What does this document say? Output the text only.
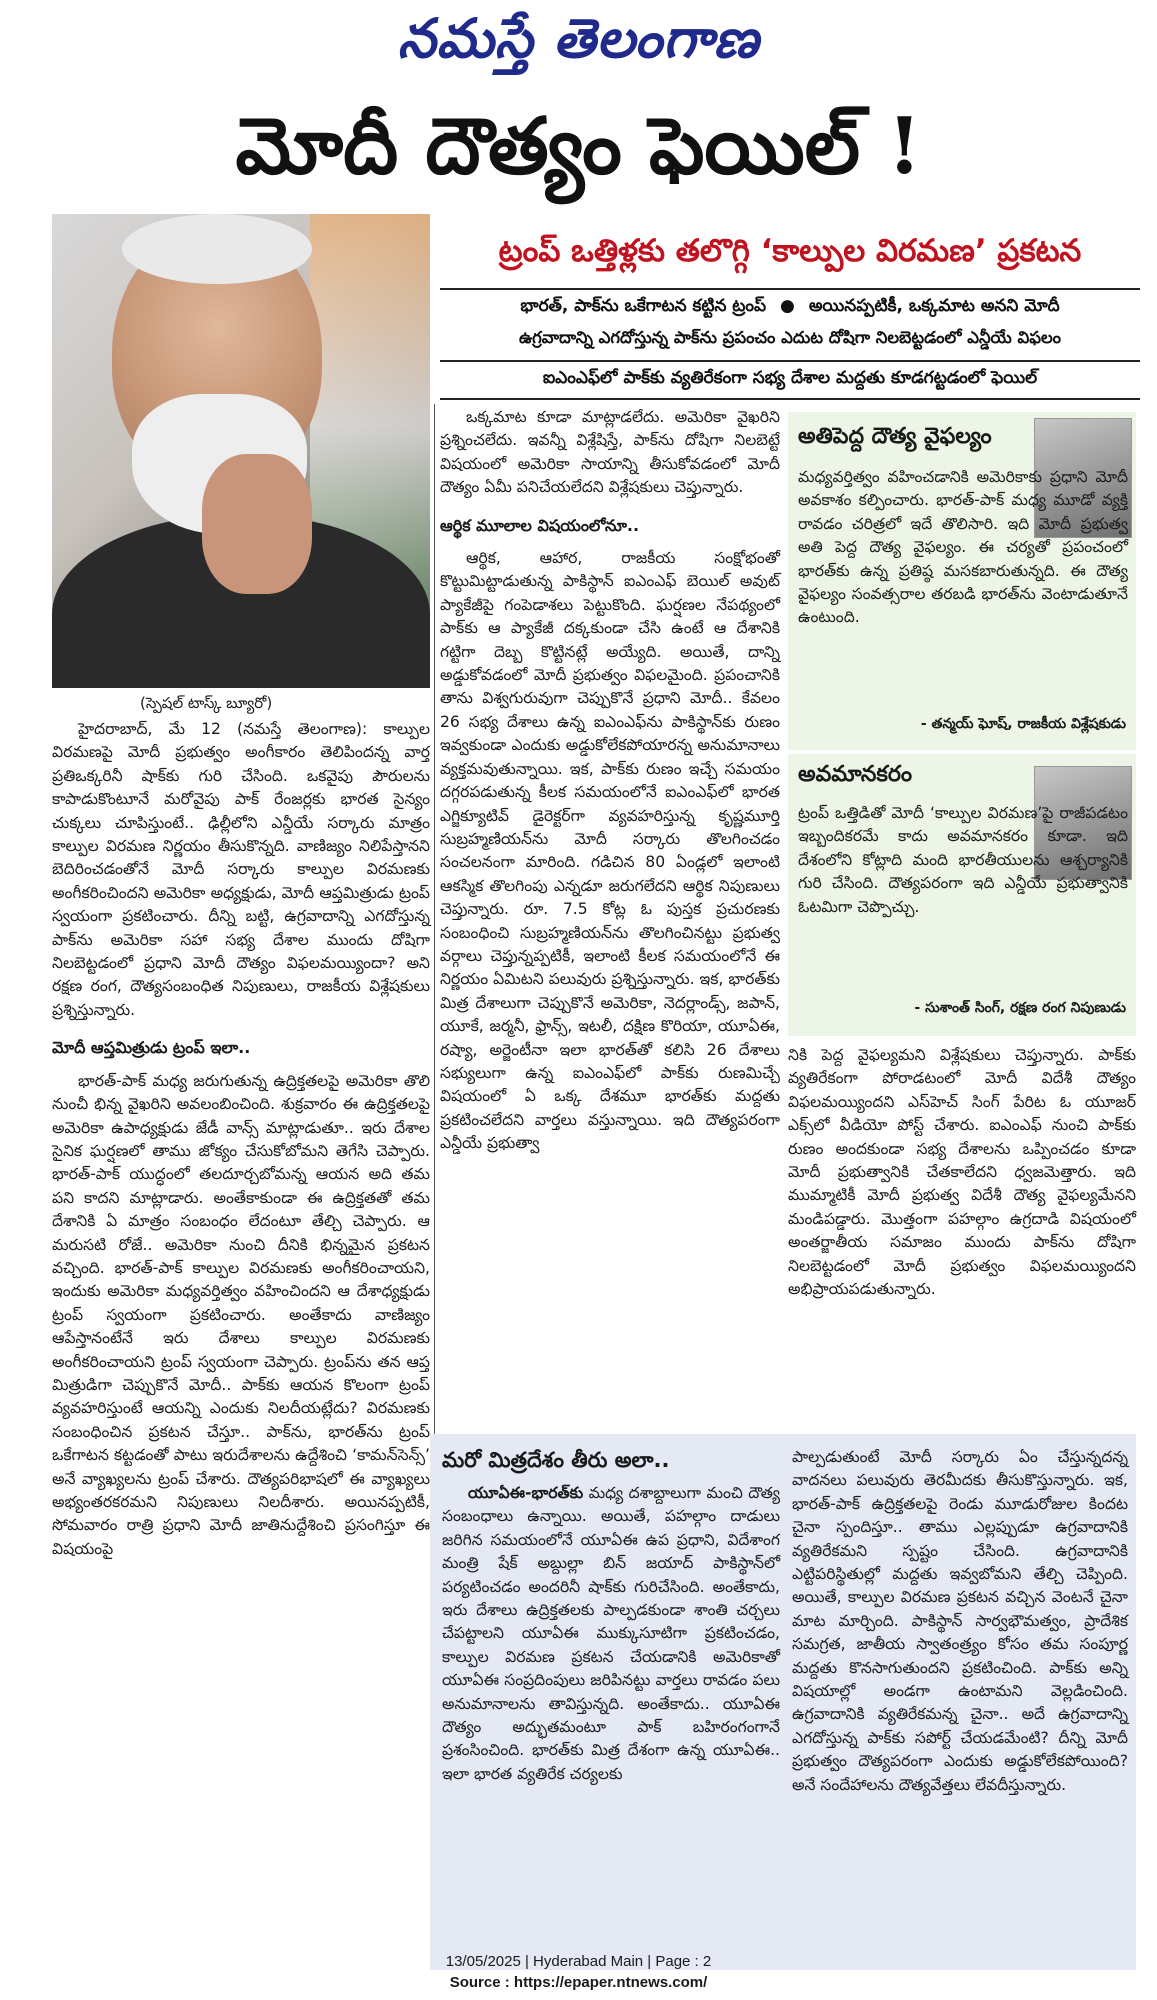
నమస్తే తెలంగాణ
మోదీ దౌత్యం ఫెయిల్ !
(స్పెషల్ టాస్క్ బ్యూరో)
ట్రంప్ ఒత్తిళ్లకు తలొగ్గి ‘కాల్పుల విరమణ’ ప్రకటన
భారత్, పాక్‌ను ఒకేగాటన కట్టిన ట్రంప్ ● అయినప్పటికీ, ఒక్కమాట అనని మోదీ
ఉగ్రవాదాన్ని ఎగదోస్తున్న పాక్‌ను ప్రపంచం ఎదుట దోషిగా నిలబెట్టడంలో ఎన్డీయే విఫలం
ఐఎంఎఫ్‌లో పాక్‌కు వ్యతిరేకంగా సభ్య దేశాల మద్దతు కూడగట్టడంలో ఫెయిల్

హైదరాబాద్, మే 12 (నమస్తే తెలంగాణ): కాల్పుల విరమణపై మోదీ ప్రభుత్వం అంగీకారం తెలిపిందన్న వార్త ప్రతిఒక్కరినీ షాక్‌కు గురి చేసింది. ఒకవైపు పౌరులను కాపాడుకొంటూనే మరోవైపు పాక్ రేంజర్లకు భారత సైన్యం చుక్కలు చూపిస్తుంటే.. ఢిల్లీలోని ఎన్డీయే సర్కారు మాత్రం కాల్పుల విరమణ నిర్ణయం తీసుకొన్నది. వాణిజ్యం నిలిపేస్తానని బెదిరించడంతోనే మోదీ సర్కారు కాల్పుల విరమణకు అంగీకరించిందని అమెరికా అధ్యక్షుడు, మోదీ ఆప్తమిత్రుడు ట్రంప్ స్వయంగా ప్రకటించారు. దీన్ని బట్టి, ఉగ్రవాదాన్ని ఎగదోస్తున్న పాక్‌ను అమెరికా సహా సభ్య దేశాల ముందు దోషిగా నిలబెట్టడంలో ప్రధాని మోదీ దౌత్యం విఫలమయ్యిందా? అని రక్షణ రంగ, దౌత్యసంబంధిత నిపుణులు, రాజకీయ విశ్లేషకులు ప్రశ్నిస్తున్నారు.

మోదీ ఆప్తమిత్రుడు ట్రంప్ ఇలా..

భారత్-పాక్ మధ్య జరుగుతున్న ఉద్రిక్తతలపై అమెరికా తొలి నుంచీ భిన్న వైఖరిని అవలంబించింది. శుక్రవారం ఈ ఉద్రిక్తతలపై అమెరికా ఉపాధ్యక్షుడు జేడీ వాన్స్ మాట్లాడుతూ.. ఇరు దేశాల సైనిక ఘర్షణలో తాము జోక్యం చేసుకోబోమని తెగేసి చెప్పారు. భారత్-పాక్ యుద్ధంలో తలదూర్చబోమన్న ఆయన అది తమ పని కాదని మాట్లాడారు. అంతేకాకుండా ఈ ఉద్రిక్తతతో తమ దేశానికి ఏ మాత్రం సంబంధం లేదంటూ తేల్చి చెప్పారు. ఆ మరుసటి రోజే.. అమెరికా నుంచి దీనికి భిన్నమైన ప్రకటన వచ్చింది. భారత్-పాక్ కాల్పుల విరమణకు అంగీకరించాయని, ఇందుకు అమెరికా మధ్యవర్తిత్వం వహించిందని ఆ దేశాధ్యక్షుడు ట్రంప్ స్వయంగా ప్రకటించారు. అంతేకాదు వాణిజ్యం ఆపేస్తానంటేనే ఇరు దేశాలు కాల్పుల విరమణకు అంగీకరించాయని ట్రంప్ స్వయంగా చెప్పారు. ట్రంప్‌ను తన ఆప్త మిత్రుడిగా చెప్పుకొనే మోదీ.. పాక్‌కు ఆయన కొలంగా ట్రంప్ వ్యవహరిస్తుంటే ఆయన్ని ఎందుకు నిలదీయట్లేదు? విరమణకు సంబంధించిన ప్రకటన చేస్తూ.. పాక్‌ను, భారత్‌ను ట్రంప్ ఒకేగాటన కట్టడంతో పాటు ఇరుదేశాలను ఉద్దేశించి ‘కామన్‌సెన్స్’ అనే వ్యాఖ్యలను ట్రంప్ చేశారు. దౌత్యపరిభాషలో ఈ వ్యాఖ్యలు అభ్యంతరకరమని నిపుణులు నిలదీశారు. అయినప్పటికీ, సోమవారం రాత్రి ప్రధాని మోదీ జాతినుద్దేశించి ప్రసంగిస్తూ ఈ విషయంపై

ఒక్కమాట కూడా మాట్లాడలేదు. అమెరికా వైఖరిని ప్రశ్నించలేదు. ఇవన్నీ విశ్లేషిస్తే, పాక్‌ను దోషిగా నిలబెట్టే విషయంలో అమెరికా సాయాన్ని తీసుకోవడంలో మోదీ దౌత్యం ఏమీ పనిచేయలేదని విశ్లేషకులు చెప్తున్నారు.

ఆర్థిక మూలాల విషయంలోనూ..

ఆర్థిక, ఆహార, రాజకీయ సంక్షోభంతో కొట్టుమిట్టాడుతున్న పాకిస్థాన్ ఐఎంఎఫ్ బెయిల్ అవుట్ ప్యాకేజీపై గంపెడాశలు పెట్టుకొంది. ఘర్షణల నేపథ్యంలో పాక్‌కు ఆ ప్యాకేజీ దక్కకుండా చేసి ఉంటే ఆ దేశానికి గట్టిగా దెబ్బ కొట్టినట్లే అయ్యేది. అయితే, దాన్ని అడ్డుకోవడంలో మోదీ ప్రభుత్వం విఫలమైంది. ప్రపంచానికి తాను విశ్వగురువుగా చెప్పుకొనే ప్రధాని మోదీ.. కేవలం 26 సభ్య దేశాలు ఉన్న ఐఎంఎఫ్‌ను పాకిస్థాన్‌కు రుణం ఇవ్వకుండా ఎందుకు అడ్డుకోలేకపోయారన్న అనుమానాలు వ్యక్తమవుతున్నాయి. ఇక, పాక్‌కు రుణం ఇచ్చే సమయం దగ్గరపడుతున్న కీలక సమయంలోనే ఐఎంఎఫ్‌లో భారత ఎగ్జిక్యూటివ్ డైరెక్టర్‌గా వ్యవహరిస్తున్న కృష్ణమూర్తి సుబ్రహ్మణియన్‌ను మోదీ సర్కారు తొలగించడం సంచలనంగా మారింది. గడిచిన 80 ఏండ్లలో ఇలాంటి ఆకస్మిక తొలగింపు ఎన్నడూ జరుగలేదని ఆర్థిక నిపుణులు చెప్తున్నారు. రూ. 7.5 కోట్ల ఓ పుస్తక ప్రచురణకు సంబంధించి సుబ్రహ్మణియన్‌ను తొలగించినట్టు ప్రభుత్వ వర్గాలు చెప్తున్నప్పటికీ, ఇలాంటి కీలక సమయంలోనే ఈ నిర్ణయం ఏమిటని పలువురు ప్రశ్నిస్తున్నారు. ఇక, భారత్‌కు మిత్ర దేశాలుగా చెప్పుకొనే అమెరికా, నెదర్లాండ్స్, జపాన్, యూకే, జర్మనీ, ఫ్రాన్స్, ఇటలీ, దక్షిణ కొరియా, యూఏఈ, రష్యా, అర్జెంటీనా ఇలా భారత్‌తో కలిసి 26 దేశాలు సభ్యులుగా ఉన్న ఐఎంఎఫ్‌లో పాక్‌కు రుణమిచ్చే విషయంలో ఏ ఒక్క దేశమూ భారత్‌కు మద్దతు ప్రకటించలేదని వార్తలు వస్తున్నాయి. ఇది దౌత్యపరంగా ఎన్డీయే ప్రభుత్వా

అతిపెద్ద దౌత్య వైఫల్యం
మధ్యవర్తిత్వం వహించడానికి అమెరికాకు ప్రధాని మోదీ అవకాశం కల్పించారు. భారత్-పాక్ మధ్య మూడో వ్యక్తి రావడం చరిత్రలో ఇదే తొలిసారి. ఇది మోదీ ప్రభుత్వ అతి పెద్ద దౌత్య వైఫల్యం. ఈ చర్యతో ప్రపంచంలో భారత్‌కు ఉన్న ప్రతిష్ఠ మసకబారుతున్నది. ఈ దౌత్య వైఫల్యం సంవత్సరాల తరబడి భారత్‌ను వెంటాడుతూనే ఉంటుంది.
- తన్మయ్ ఘోష్, రాజకీయ విశ్లేషకుడు
అవమానకరం
ట్రంప్ ఒత్తిడితో మోదీ ‘కాల్పుల విరమణ’పై రాజీపడటం ఇబ్బందికరమే కాదు అవమానకరం కూడా. ఇది దేశంలోని కోట్లాది మంది భారతీయులను ఆశ్చర్యానికి గురి చేసింది. దౌత్యపరంగా ఇది ఎన్డీయే ప్రభుత్వానికి ఓటమిగా చెప్పొచ్చు.
- సుశాంత్ సింగ్, రక్షణ రంగ నిపుణుడు

నికి పెద్ద వైఫల్యమని విశ్లేషకులు చెప్తున్నారు. పాక్‌కు వ్యతిరేకంగా పోరాడటంలో మోదీ విదేశీ దౌత్యం విఫలమయ్యిందని ఎస్‌హెచ్ సింగ్ పేరిట ఓ యూజర్ ఎక్స్‌లో వీడియో పోస్ట్ చేశారు. ఐఎంఎఫ్ నుంచి పాక్‌కు రుణం అందకుండా సభ్య దేశాలను ఒప్పించడం కూడా మోదీ ప్రభుత్వానికి చేతకాలేదని ధ్వజమెత్తారు. ఇది ముమ్మాటికీ మోదీ ప్రభుత్వ విదేశీ దౌత్య వైఫల్యమేనని మండిపడ్డారు. మొత్తంగా పహల్గాం ఉగ్రదాడి విషయంలో అంతర్జాతీయ సమాజం ముందు పాక్‌ను దోషిగా నిలబెట్టడంలో మోదీ ప్రభుత్వం విఫలమయ్యిందని అభిప్రాయపడుతున్నారు.

మరో మిత్రదేశం తీరు అలా..

యూఏఈ-భారత్‌కు మధ్య దశాబ్దాలుగా మంచి దౌత్య సంబంధాలు ఉన్నాయి. అయితే, పహల్గాం దాడులు జరిగిన సమయంలోనే యూఏఈ ఉప ప్రధాని, విదేశాంగ మంత్రి షేక్ అబ్దుల్లా బిన్ జయాద్ పాకిస్థాన్‌లో పర్యటించడం అందరినీ షాక్‌కు గురిచేసింది. అంతేకాదు, ఇరు దేశాలు ఉద్రిక్తతలకు పాల్పడకుండా శాంతి చర్చలు చేపట్టాలని యూఏఈ ముక్కుసూటిగా ప్రకటించడం, కాల్పుల విరమణ ప్రకటన చేయడానికి అమెరికాతో యూఏఈ సంప్రదింపులు జరిపినట్టు వార్తలు రావడం పలు అనుమానాలను తావిస్తున్నది. అంతేకాదు.. యూఏఈ దౌత్యం అద్భుతమంటూ పాక్ బహిరంగంగానే ప్రశంసించింది. భారత్‌కు మిత్ర దేశంగా ఉన్న యూఏఈ.. ఇలా భారత వ్యతిరేక చర్యలకు

పాల్పడుతుంటే మోదీ సర్కారు ఏం చేస్తున్నదన్న వాదనలు పలువురు తెరమీదకు తీసుకొస్తున్నారు. ఇక, భారత్-పాక్ ఉద్రిక్తతలపై రెండు మూడురోజుల కిందట చైనా స్పందిస్తూ.. తాము ఎల్లప్పుడూ ఉగ్రవాదానికి వ్యతిరేకమని స్పష్టం చేసింది. ఉగ్రవాదానికి ఎట్టిపరిస్థితుల్లో మద్దతు ఇవ్వబోమని తేల్చి చెప్పింది. అయితే, కాల్పుల విరమణ ప్రకటన వచ్చిన వెంటనే చైనా మాట మార్చింది. పాకిస్థాన్ సార్వభౌమత్వం, ప్రాదేశిక సమగ్రత, జాతీయ స్వాతంత్ర్యం కోసం తమ సంపూర్ణ మద్దతు కొనసాగుతుందని ప్రకటించింది. పాక్‌కు అన్ని విషయాల్లో అండగా ఉంటామని వెల్లడించింది. ఉగ్రవాదానికి వ్యతిరేకమన్న చైనా.. అదే ఉగ్రవాదాన్ని ఎగదోస్తున్న పాక్‌కు సపోర్ట్ చేయడమేంటి? దీన్ని మోదీ ప్రభుత్వం దౌత్యపరంగా ఎందుకు అడ్డుకోలేకపోయింది? అనే సందేహాలను దౌత్యవేత్తలు లేవదీస్తున్నారు.

13/05/2025 | Hyderabad Main | Page : 2
Source : https://epaper.ntnews.com/
